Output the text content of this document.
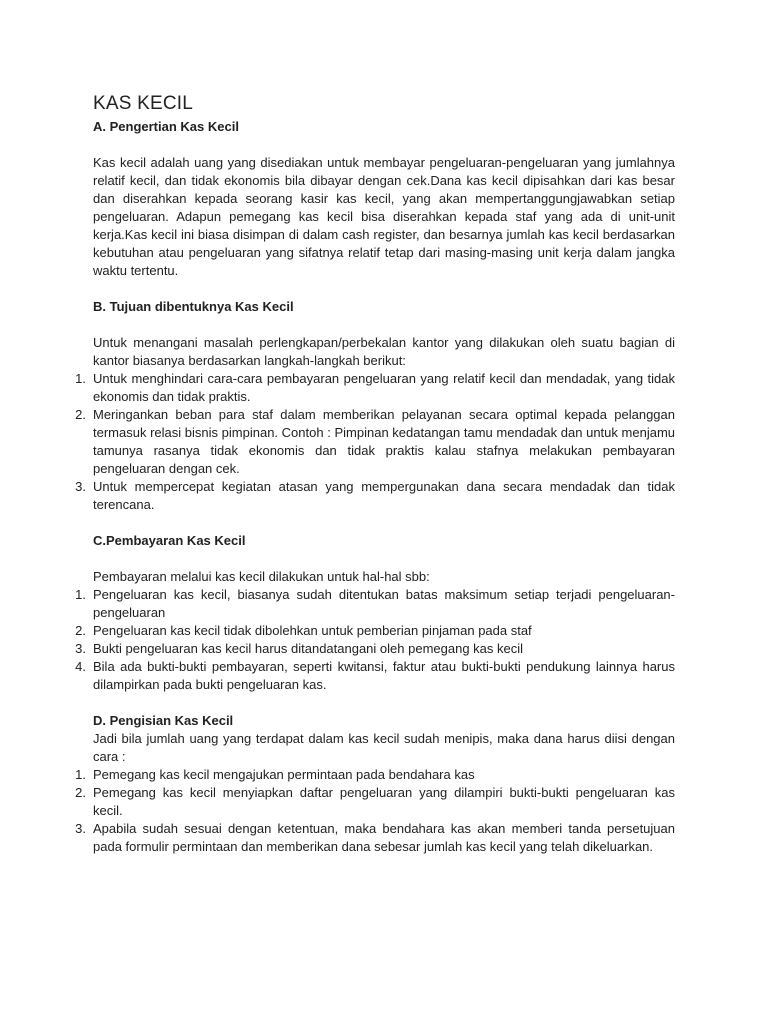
KAS KECIL

A. Pengertian Kas Kecil

Kas kecil adalah uang yang disediakan untuk membayar pengeluaran-pengeluaran yang jumlahnya relatif kecil, dan tidak ekonomis bila dibayar dengan cek.Dana kas kecil dipisahkan dari kas besar dan diserahkan kepada seorang kasir kas kecil, yang akan mempertanggungjawabkan setiap pengeluaran. Adapun pemegang kas kecil bisa diserahkan kepada staf yang ada di unit-unit kerja.Kas kecil ini biasa disimpan di dalam cash register, dan besarnya jumlah kas kecil berdasarkan kebutuhan atau pengeluaran yang sifatnya relatif tetap dari masing-masing unit kerja dalam jangka waktu tertentu.

B. Tujuan dibentuknya Kas Kecil

Untuk menangani masalah perlengkapan/perbekalan kantor yang dilakukan oleh suatu bagian di kantor biasanya berdasarkan langkah-langkah berikut:

1. Untuk menghindari cara-cara pembayaran pengeluaran yang relatif kecil dan mendadak, yang tidak ekonomis dan tidak praktis.
2. Meringankan beban para staf dalam memberikan pelayanan secara optimal kepada pelanggan termasuk relasi bisnis pimpinan. Contoh : Pimpinan kedatangan tamu mendadak dan untuk menjamu tamunya rasanya tidak ekonomis dan tidak praktis kalau stafnya melakukan pembayaran pengeluaran dengan cek.
3. Untuk mempercepat kegiatan atasan yang mempergunakan dana secara mendadak dan tidak terencana.

C.Pembayaran Kas Kecil

Pembayaran melalui kas kecil dilakukan untuk hal-hal sbb:

1. Pengeluaran kas kecil, biasanya sudah ditentukan batas maksimum setiap terjadi pengeluaran-pengeluaran
2. Pengeluaran kas kecil tidak dibolehkan untuk pemberian pinjaman pada staf
3. Bukti pengeluaran kas kecil harus ditandatangani oleh pemegang kas kecil
4. Bila ada bukti-bukti pembayaran, seperti kwitansi, faktur atau bukti-bukti pendukung lainnya harus dilampirkan pada bukti pengeluaran kas.

D. Pengisian Kas Kecil

Jadi bila jumlah uang yang terdapat dalam kas kecil sudah menipis, maka dana harus diisi dengan cara :

1. Pemegang kas kecil mengajukan permintaan pada bendahara kas
2. Pemegang kas kecil menyiapkan daftar pengeluaran yang dilampiri bukti-bukti pengeluaran kas kecil.
3. Apabila sudah sesuai dengan ketentuan, maka bendahara kas akan memberi tanda persetujuan pada formulir permintaan dan memberikan dana sebesar jumlah kas kecil yang telah dikeluarkan.
